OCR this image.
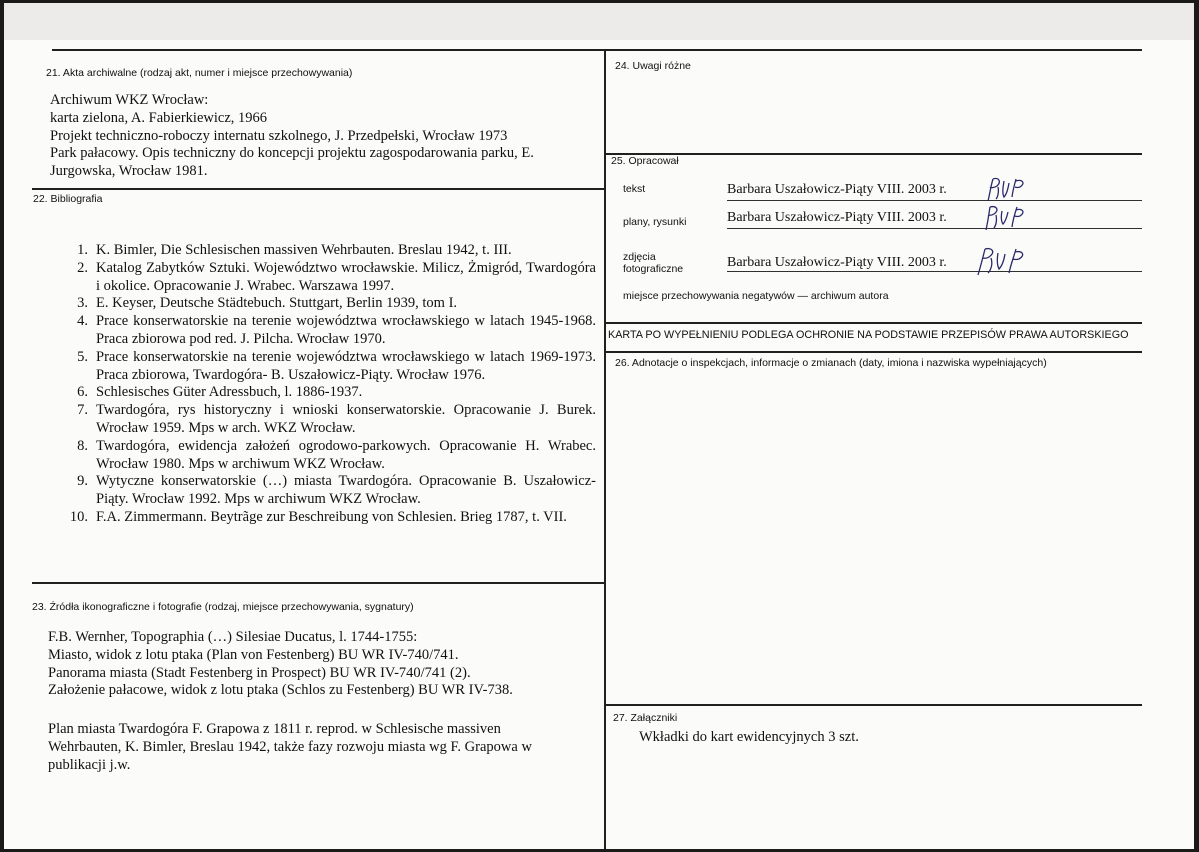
21. Akta archiwalne (rodzaj akt, numer i miejsce przechowywania)
Archiwum WKZ Wrocław:
karta zielona, A. Fabierkiewicz, 1966
Projekt techniczno-roboczy internatu szkolnego, J. Przedpełski, Wrocław 1973
Park pałacowy. Opis techniczny do koncepcji projektu zagospodarowania parku, E.
Jurgowska, Wrocław 1981.
22. Bibliografia
1. K. Bimler, Die Schlesischen massiven Wehrbauten. Breslau 1942, t. III.
2. Katalog Zabytków Sztuki. Województwo wrocławskie. Milicz, Żmigród, Twardogóra i okolice. Opracowanie J. Wrabec. Warszawa 1997.
3. E. Keyser, Deutsche Städtebuch. Stuttgart, Berlin 1939, tom I.
4. Prace konserwatorskie na terenie województwa wrocławskiego w latach 1945-1968. Praca zbiorowa pod red. J. Pilcha. Wrocław 1970.
5. Prace konserwatorskie na terenie województwa wrocławskiego w latach 1969-1973. Praca zbiorowa, Twardogóra- B. Uszałowicz-Piąty. Wrocław 1976.
6. Schlesisches Güter Adressbuch, l. 1886-1937.
7. Twardogóra, rys historyczny i wnioski konserwatorskie. Opracowanie J. Burek. Wrocław 1959. Mps w arch. WKZ Wrocław.
8. Twardogóra, ewidencja założeń ogrodowo-parkowych. Opracowanie H. Wrabec. Wrocław 1980. Mps w archiwum WKZ Wrocław.
9. Wytyczne konserwatorskie (…) miasta Twardogóra. Opracowanie B. Uszałowicz-Piąty. Wrocław 1992. Mps w archiwum WKZ Wrocław.
10. F.A. Zimmermann. Beytrãge zur Beschreibung von Schlesien. Brieg 1787, t. VII.
23. Źródła ikonograficzne i fotografie (rodzaj, miejsce przechowywania, sygnatury)
F.B. Wernher, Topographia (…) Silesiae Ducatus, l. 1744-1755:
Miasto, widok z lotu ptaka (Plan von Festenberg) BU WR IV-740/741.
Panorama miasta (Stadt Festenberg in Prospect) BU WR IV-740/741 (2).
Założenie pałacowe, widok z lotu ptaka (Schlos zu Festenberg) BU WR IV-738.
Plan miasta Twardogóra F. Grapowa z 1811 r. reprod. w Schlesische massiven
Wehrbauten, K. Bimler, Breslau 1942, także fazy rozwoju miasta wg F. Grapowa w
publikacji j.w.
24. Uwagi różne
25. Opracował
tekst	Barbara Uszałowicz-Piąty VIII. 2003 r.
plany, rysunki	Barbara Uszałowicz-Piąty VIII. 2003 r.
zdjęcia
fotograficzne	Barbara Uszałowicz-Piąty VIII. 2003 r.
miejsce przechowywania negatywów — archiwum autora
KARTA PO WYPEŁNIENIU PODLEGA OCHRONIE NA PODSTAWIE PRZEPISÓW PRAWA AUTORSKIEGO
26. Adnotacje o inspekcjach, informacje o zmianach (daty, imiona i nazwiska wypełniających)
27. Załączniki
Wkładki do kart ewidencyjnych 3 szt.
